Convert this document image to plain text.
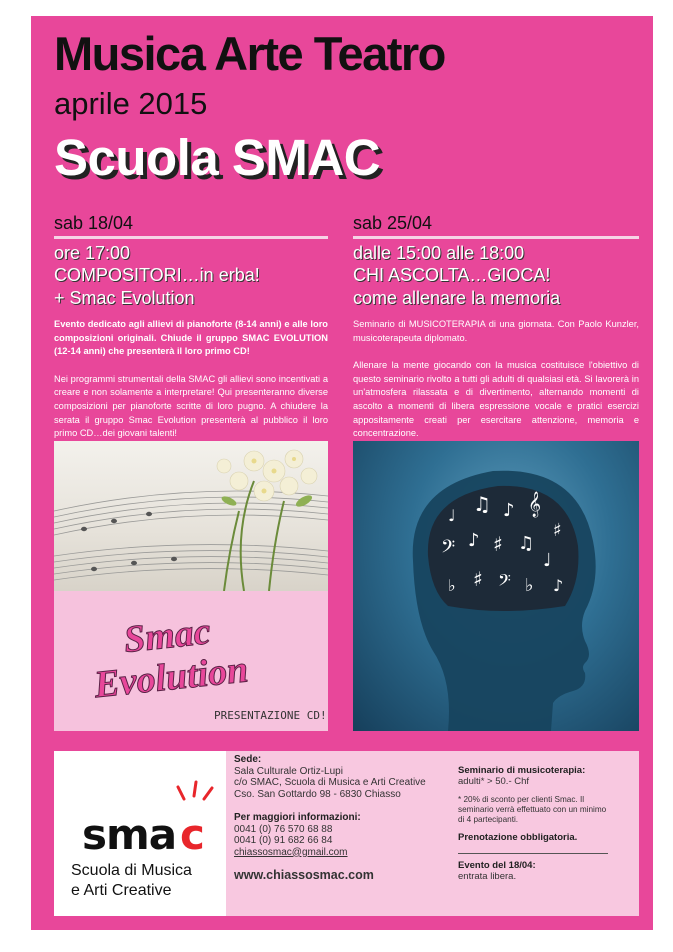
Musica Arte Teatro
aprile 2015
Scuola SMAC
sab 18/04
ore 17:00
COMPOSITORI…in erba!
+ Smac Evolution
Evento dedicato agli allievi di pianoforte (8-14 anni) e alle loro composizioni originali. Chiude il gruppo SMAC EVOLUTION (12-14 anni) che presenterà il loro primo CD!
Nei programmi strumentali della SMAC gli allievi sono incentivati a creare e non solamente a interpretare! Qui presenteranno diverse composizioni per pianoforte scritte di loro pugno. A chiudere la serata il gruppo Smac Evolution presenterà al pubblico il loro primo CD…dei giovani talenti!
sab 25/04
dalle 15:00 alle 18:00
CHI ASCOLTA…GIOCA!
come allenare la memoria
Seminario di MUSICOTERAPIA di una giornata. Con Paolo Kunzler, musicoterapeuta diplomato.
Allenare la mente giocando con la musica costituisce l'obiettivo di questo seminario rivolto a tutti gli adulti di qualsiasi età. Si lavorerà in un'atmosfera rilassata e di divertimento, alternando momenti di ascolto a momenti di libera espressione vocale e pratici esercizi appositamente creati per esercitare attenzione, memoria e concentrazione.
Smac
Evolution
PRESENTAZIONE CD!
♩ ♫ ♪ 𝄞
♯
𝄢 ♪ ♯ ♫
♩
♭ ♯ 𝄢 ♭ ♪
sma c
Scuola di Musica
e Arti Creative
Sede:
Sala Culturale Ortiz-Lupi
c/o SMAC, Scuola di Musica e Arti Creative
Cso. San Gottardo 98 - 6830 Chiasso
Per maggiori informazioni:
0041 (0) 76 570 68 88
0041 (0) 91 682 66 84
chiassosmac@gmail.com
www.chiassosmac.com
Seminario di musicoterapia:
adulti* > 50.- Chf
* 20% di sconto per clienti Smac. Il seminario verrà effettuato con un minimo di 4 partecipanti.
Prenotazione obbligatoria.
Evento del 18/04:
entrata libera.
